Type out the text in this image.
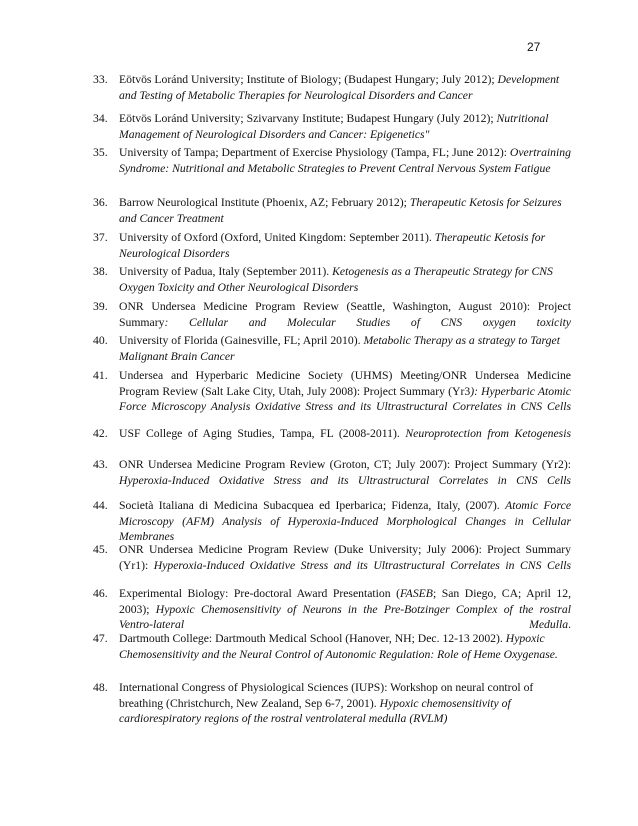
27
33. Eötvös Loránd University; Institute of Biology; (Budapest Hungary; July 2012); Development and Testing of Metabolic Therapies for Neurological Disorders and Cancer
34. Eötvös Loránd University; Szivarvany Institute; Budapest Hungary (July 2012); Nutritional Management of Neurological Disorders and Cancer: Epigenetics"
35. University of Tampa; Department of Exercise Physiology (Tampa, FL; June 2012): Overtraining Syndrome: Nutritional and Metabolic Strategies to Prevent Central Nervous System Fatigue
36. Barrow Neurological Institute (Phoenix, AZ; February 2012); Therapeutic Ketosis for Seizures and Cancer Treatment
37. University of Oxford (Oxford, United Kingdom: September 2011). Therapeutic Ketosis for Neurological Disorders
38. University of Padua, Italy (September 2011). Ketogenesis as a Therapeutic Strategy for CNS Oxygen Toxicity and Other Neurological Disorders
39. ONR Undersea Medicine Program Review (Seattle, Washington, August 2010): Project Summary: Cellular and Molecular Studies of CNS oxygen toxicity
40. University of Florida (Gainesville, FL; April 2010). Metabolic Therapy as a strategy to Target Malignant Brain Cancer
41. Undersea and Hyperbaric Medicine Society (UHMS) Meeting/ONR Undersea Medicine Program Review (Salt Lake City, Utah, July 2008): Project Summary (Yr3): Hyperbaric Atomic Force Microscopy Analysis Oxidative Stress and its Ultrastructural Correlates in CNS Cells
42. USF College of Aging Studies, Tampa, FL (2008-2011). Neuroprotection from Ketogenesis
43. ONR Undersea Medicine Program Review (Groton, CT; July 2007): Project Summary (Yr2): Hyperoxia-Induced Oxidative Stress and its Ultrastructural Correlates in CNS Cells
44. Società Italiana di Medicina Subacquea ed Iperbarica; Fidenza, Italy, (2007). Atomic Force Microscopy (AFM) Analysis of Hyperoxia-Induced Morphological Changes in Cellular Membranes
45. ONR Undersea Medicine Program Review (Duke University; July 2006): Project Summary (Yr1): Hyperoxia-Induced Oxidative Stress and its Ultrastructural Correlates in CNS Cells
46. Experimental Biology: Pre-doctoral Award Presentation (FASEB; San Diego, CA; April 12, 2003); Hypoxic Chemosensitivity of Neurons in the Pre-Botzinger Complex of the rostral Ventro-lateral Medulla.
47. Dartmouth College: Dartmouth Medical School (Hanover, NH; Dec. 12-13 2002). Hypoxic Chemosensitivity and the Neural Control of Autonomic Regulation: Role of Heme Oxygenase.
48. International Congress of Physiological Sciences (IUPS): Workshop on neural control of breathing (Christchurch, New Zealand, Sep 6-7, 2001). Hypoxic chemosensitivity of cardiorespiratory regions of the rostral ventrolateral medulla (RVLM)
